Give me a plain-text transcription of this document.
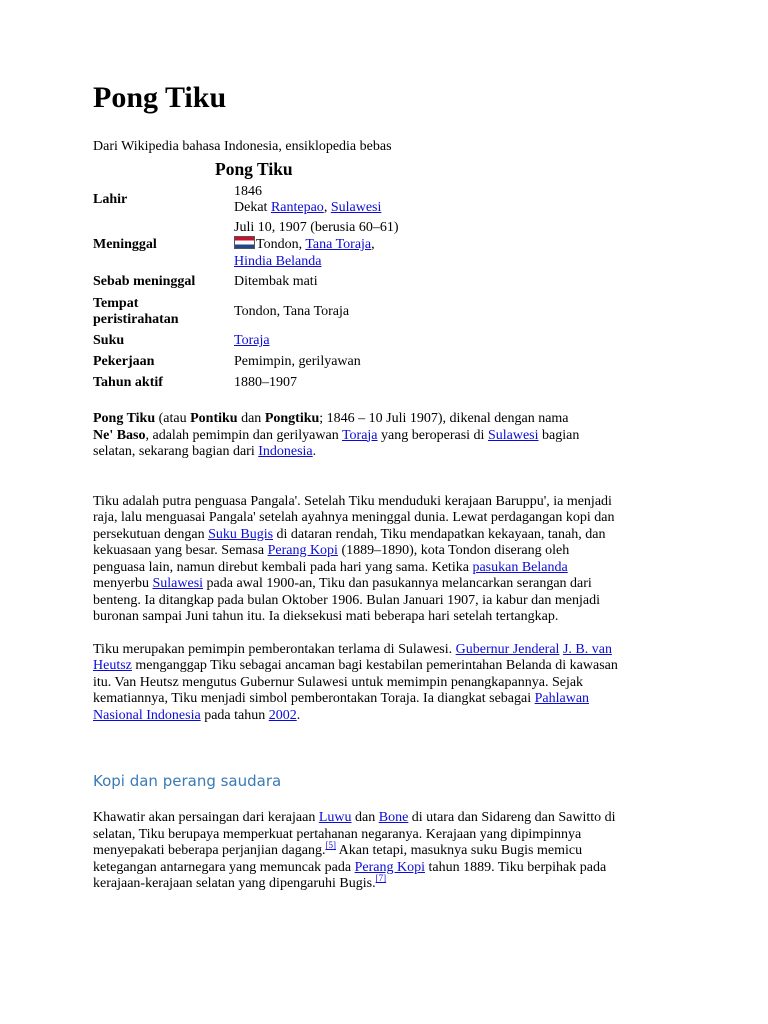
Pong Tiku
Dari Wikipedia bahasa Indonesia, ensiklopedia bebas
Pong Tiku
Lahir	1846
Dekat Rantepao, Sulawesi
Meninggal	Juli 10, 1907 (berusia 60–61)
Tondon, Tana Toraja,
Hindia Belanda
Sebab meninggal	Ditembak mati
Tempat
peristirahatan	Tondon, Tana Toraja
Suku	Toraja
Pekerjaan	Pemimpin, gerilyawan
Tahun aktif	1880–1907

Pong Tiku (atau Pontiku dan Pongtiku; 1846 – 10 Juli 1907), dikenal dengan nama
Ne' Baso, adalah pemimpin dan gerilyawan Toraja yang beroperasi di Sulawesi bagian
selatan, sekarang bagian dari Indonesia.

Tiku adalah putra penguasa Pangala'. Setelah Tiku menduduki kerajaan Baruppu', ia menjadi
raja, lalu menguasai Pangala' setelah ayahnya meninggal dunia. Lewat perdagangan kopi dan
persekutuan dengan Suku Bugis di dataran rendah, Tiku mendapatkan kekayaan, tanah, dan
kekuasaan yang besar. Semasa Perang Kopi (1889–1890), kota Tondon diserang oleh
penguasa lain, namun direbut kembali pada hari yang sama. Ketika pasukan Belanda
menyerbu Sulawesi pada awal 1900-an, Tiku dan pasukannya melancarkan serangan dari
benteng. Ia ditangkap pada bulan Oktober 1906. Bulan Januari 1907, ia kabur dan menjadi
buronan sampai Juni tahun itu. Ia dieksekusi mati beberapa hari setelah tertangkap.

Tiku merupakan pemimpin pemberontakan terlama di Sulawesi. Gubernur Jenderal J. B. van
Heutsz menganggap Tiku sebagai ancaman bagi kestabilan pemerintahan Belanda di kawasan
itu. Van Heutsz mengutus Gubernur Sulawesi untuk memimpin penangkapannya. Sejak
kematiannya, Tiku menjadi simbol pemberontakan Toraja. Ia diangkat sebagai Pahlawan
Nasional Indonesia pada tahun 2002.

Kopi dan perang saudara

Khawatir akan persaingan dari kerajaan Luwu dan Bone di utara dan Sidareng dan Sawitto di
selatan, Tiku berupaya memperkuat pertahanan negaranya. Kerajaan yang dipimpinnya
menyepakati beberapa perjanjian dagang.[5] Akan tetapi, masuknya suku Bugis memicu
ketegangan antarnegara yang memuncak pada Perang Kopi tahun 1889. Tiku berpihak pada
kerajaan-kerajaan selatan yang dipengaruhi Bugis.[7]
